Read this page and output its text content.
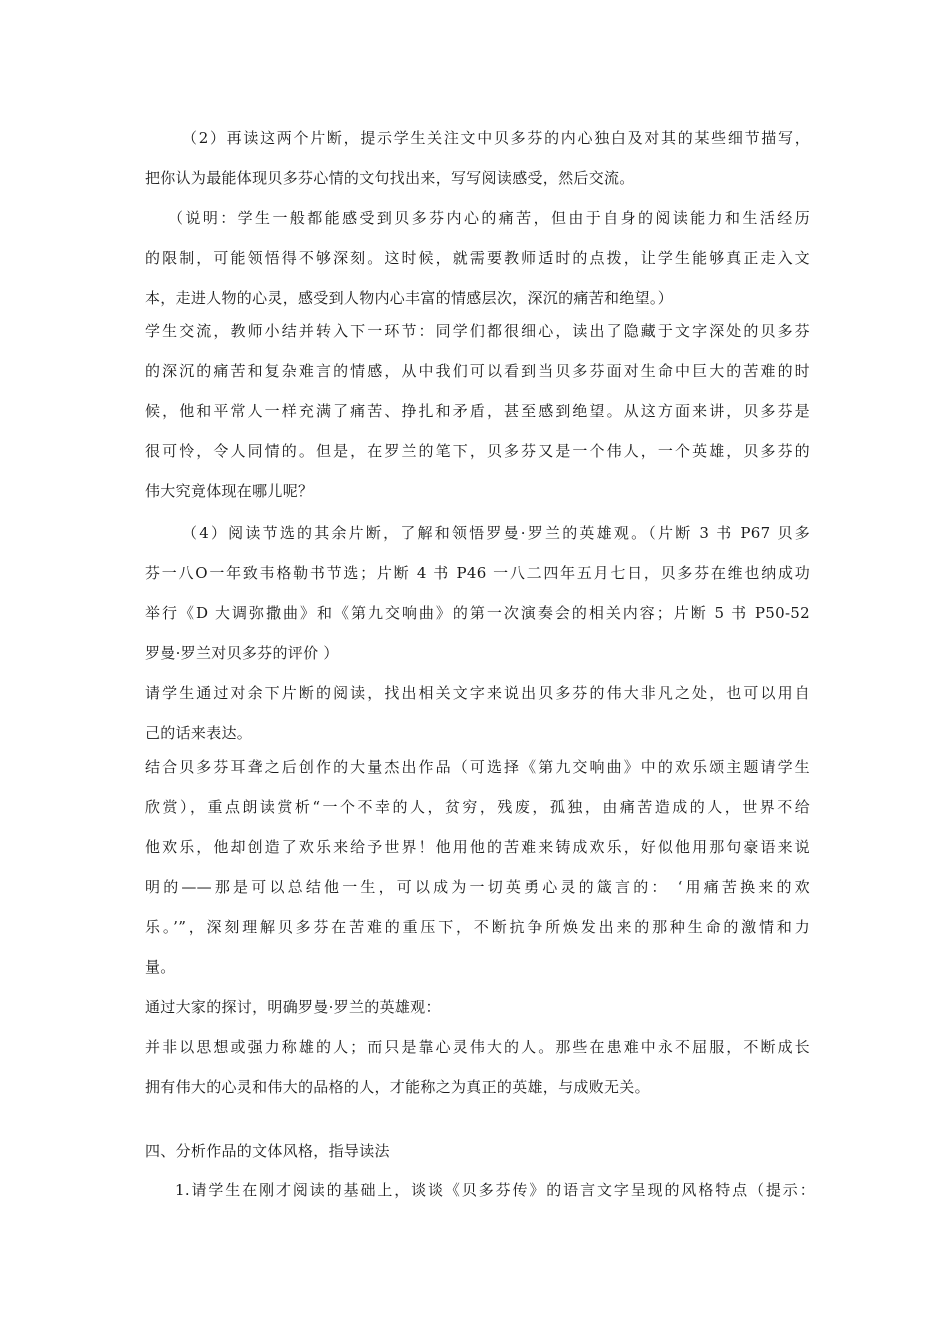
（2）再读这两个片断，提示学生关注文中贝多芬的内心独白及对其的某些细节描写，
把你认为最能体现贝多芬心情的文句找出来，写写阅读感受，然后交流。
（说明：学生一般都能感受到贝多芬内心的痛苦，但由于自身的阅读能力和生活经历
的限制，可能领悟得不够深刻。这时候，就需要教师适时的点拨，让学生能够真正走入文
本，走进人物的心灵，感受到人物内心丰富的情感层次，深沉的痛苦和绝望。）
学生交流，教师小结并转入下一环节：同学们都很细心，读出了隐藏于文字深处的贝多芬
的深沉的痛苦和复杂难言的情感，从中我们可以看到当贝多芬面对生命中巨大的苦难的时
候，他和平常人一样充满了痛苦、挣扎和矛盾，甚至感到绝望。从这方面来讲，贝多芬是
很可怜，令人同情的。但是，在罗兰的笔下，贝多芬又是一个伟人，一个英雄，贝多芬的
伟大究竟体现在哪儿呢？
（4）阅读节选的其余片断，了解和领悟罗曼·罗兰的英雄观。（片断 3 书 P67 贝多
芬一八O一年致韦格勒书节选；片断 4 书 P46 一八二四年五月七日，贝多芬在维也纳成功
举行《D 大调弥撒曲》和《第九交响曲》的第一次演奏会的相关内容；片断 5 书 P50-52
罗曼·罗兰对贝多芬的评价 ）
请学生通过对余下片断的阅读，找出相关文字来说出贝多芬的伟大非凡之处，也可以用自
己的话来表达。
结合贝多芬耳聋之后创作的大量杰出作品（可选择《第九交响曲》中的欢乐颂主题请学生
欣赏），重点朗读赏析“一个不幸的人，贫穷，残废，孤独，由痛苦造成的人，世界不给
他欢乐，他却创造了欢乐来给予世界！他用他的苦难来铸成欢乐，好似他用那句豪语来说
明的——那是可以总结他一生，可以成为一切英勇心灵的箴言的： ‘用痛苦换来的欢
乐。’”，深刻理解贝多芬在苦难的重压下，不断抗争所焕发出来的那种生命的激情和力
量。
通过大家的探讨，明确罗曼·罗兰的英雄观：
并非以思想或强力称雄的人；而只是靠心灵伟大的人。那些在患难中永不屈服，不断成长
拥有伟大的心灵和伟大的品格的人，才能称之为真正的英雄，与成败无关。
四、分析作品的文体风格，指导读法
1.请学生在刚才阅读的基础上，谈谈《贝多芬传》的语言文字呈现的风格特点（提示：
